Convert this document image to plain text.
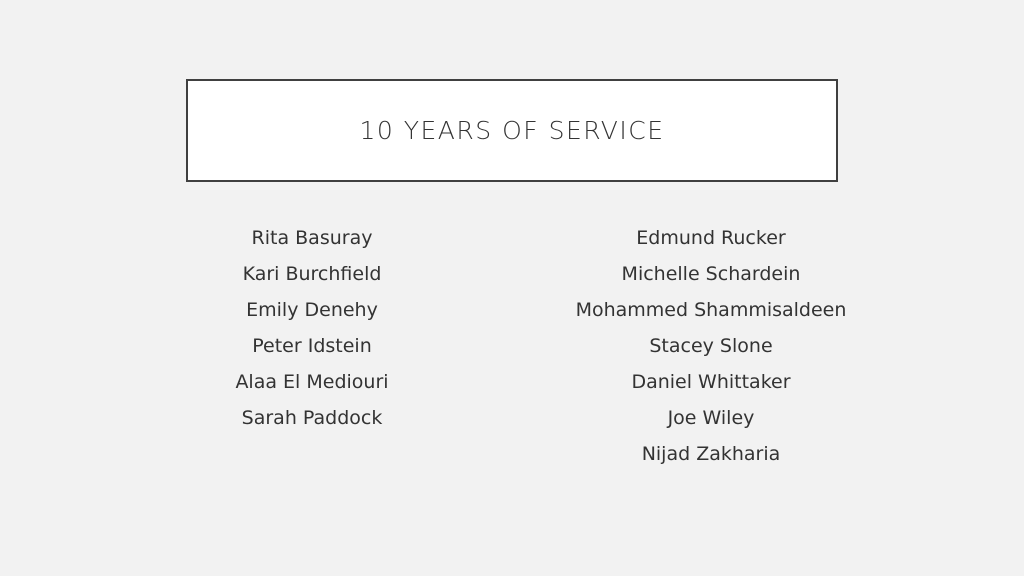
10 YEARS OF SERVICE
Rita Basuray
Kari Burchfield
Emily Denehy
Peter Idstein
Alaa El Mediouri
Sarah Paddock
Edmund Rucker
Michelle Schardein
Mohammed Shammisaldeen
Stacey Slone
Daniel Whittaker
Joe Wiley
Nijad Zakharia
